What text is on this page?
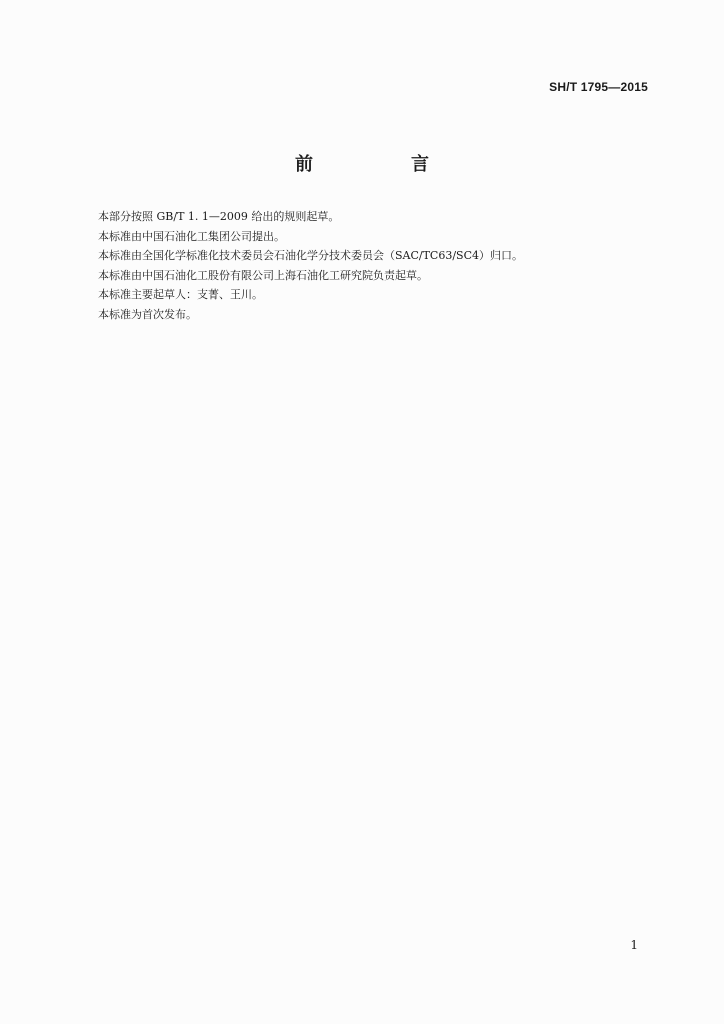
SH/T 1795—2015
前　言

本部分按照 GB/T 1. 1—2009 给出的规则起草。

本标准由中国石油化工集团公司提出。

本标准由全国化学标准化技术委员会石油化学分技术委员会（SAC/TC63/SC4）归口。

本标准由中国石油化工股份有限公司上海石油化工研究院负责起草。

本标准主要起草人：支菁、王川。

本标准为首次发布。

1
